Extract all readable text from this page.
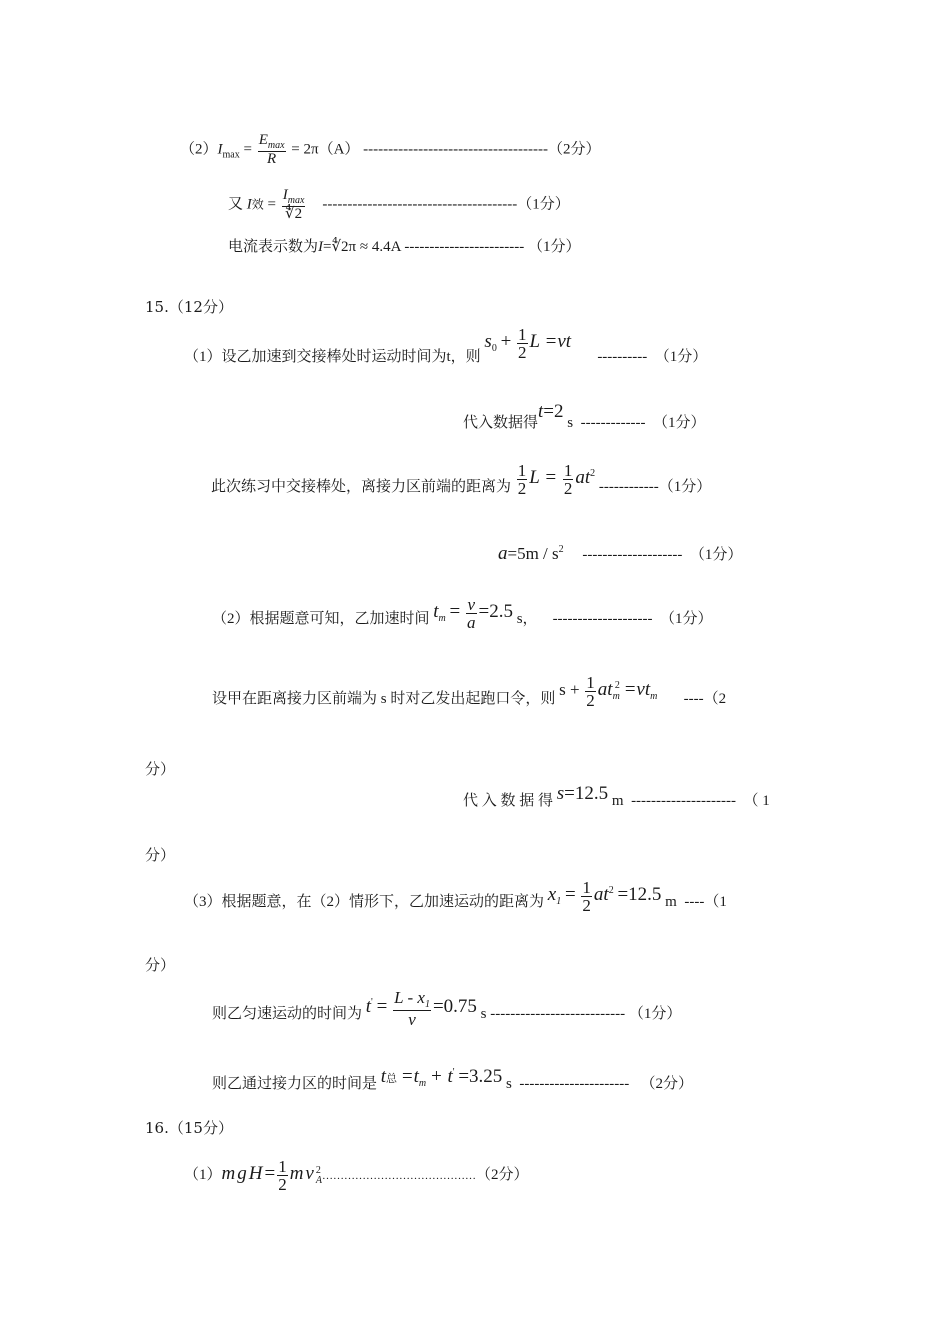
$(2)I_{max} = \frac{E_{max}}{R} = 2\pi(A)$ -------------------------------------（2分）
又 I效 = $\frac{I_{max}}{∜2} ---------------------------------------(1$分）
电流表示数为I=∜2π ≈ 4.4A ------------------------ （1分）
15.（12分）
（1）设乙加速到交接棒处时运动时间为t，则 $s_0 + \frac{1}{2}$ L =vt       ---------- （1分）
代入数据得t=2 s ------------- （1分）
此次练习中交接棒处，离接力区前端的距离为 $\frac{1}{2}$ $L = \frac{1}{2} at^2$ ------------（1分）
$a=5m / s^2$ -------------------- （1分）
（2）根据题意可知，乙加速时间 $t_m = \frac{v}{a} =2.5$ s， -------------------- （1分）
设甲在距离接力区前端为 s 时对乙发出起跑口令，则 $s + \frac{1}{2} at_m^2 =vt_m$ ----（2
分）
代 入 数 据 得 s=12.5 m --------------------- （ 1
分）
（3）根据题意，在（2）情形下，乙加速运动的距离为 $x_1 = \frac{1}{2} at^2 =12.5$ m ----（1
分）
则乙匀速运动的时间为 $t' = \frac{L - x_1}{v} =0.75$ s --------------------------- （1分）
则乙通过接力区的时间是 t总 $=t_m + t' =3.25$ s ---------------------- （2分）
16.（15分）
$(1)mgH= \frac{1}{2}$ mv 2
A ……………………………………（2分）
